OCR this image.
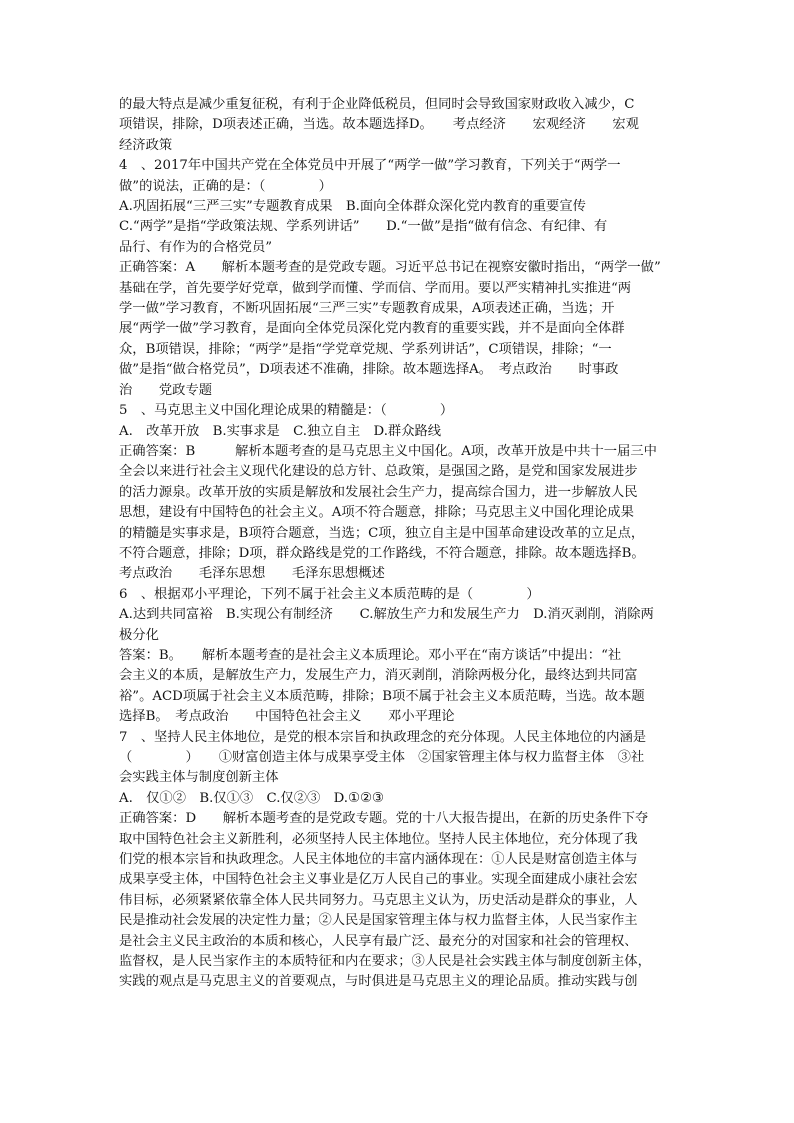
的最大特点是减少重复征税，有利于企业降低税员，但同时会导致国家财政收入减少，C

项错误，排除，D项表述正确，当选。故本题选择D。　　考点经济　　宏观经济　　宏观

经济政策

4　、2017年中国共产党在全体党员中开展了“两学一做”学习教育，下列关于“两学一

做”的说法，正确的是：（　　　　）

A.巩固拓展“三严三实”专题教育成果　B.面向全体群众深化党内教育的重要宣传

C.“两学”是指“学政策法规、学系列讲话”　　D.“一做”是指“做有信念、有纪律、有

品行、有作为的合格党员”

正确答案：A　　解析本题考查的是党政专题。习近平总书记在视察安徽时指出，“两学一做”

基础在学，首先要学好党章，做到学而懂、学而信、学而用。要以严实精神扎实推进“两

学一做”学习教育，不断巩固拓展“三严三实”专题教育成果，A项表述正确，当选；开

展“两学一做”学习教育，是面向全体党员深化党内教育的重要实践，并不是面向全体群

众，B项错误，排除；“两学”是指“学党章党规、学系列讲话”，C项错误，排除；“一

做”是指“做合格党员”，D项表述不准确，排除。故本题选择A。　考点政治　　时事政

治　　党政专题

5　、马克思主义中国化理论成果的精髓是：（　　　　）

A.　改革开放　B.实事求是　C.独立自主　D.群众路线

正确答案：B　　　解析本题考查的是马克思主义中国化。A项，改革开放是中共十一届三中

全会以来进行社会主义现代化建设的总方针、总政策，是强国之路，是党和国家发展进步

的活力源泉。改革开放的实质是解放和发展社会生产力，提高综合国力，进一步解放人民

思想，建设有中国特色的社会主义。A项不符合题意，排除；马克思主义中国化理论成果

的精髓是实事求是，B项符合题意，当选；C项，独立自主是中国革命建设改革的立足点，

不符合题意，排除；D项，群众路线是党的工作路线，不符合题意，排除。故本题选择B。

考点政治　　毛泽东思想　　毛泽东思想概述

6　、根据邓小平理论，下列不属于社会主义本质范畴的是（　　　　）

A.达到共同富裕　B.实现公有制经济　　C.解放生产力和发展生产力　D.消灭剥削，消除两

极分化

答案：B。　　解析本题考查的是社会主义本质理论。邓小平在“南方谈话”中提出：“社

会主义的本质，是解放生产力，发展生产力，消灭剥削，消除两极分化，最终达到共同富

裕”。ACD项属于社会主义本质范畴，排除；B项不属于社会主义本质范畴，当选。故本题

选择B。　考点政治　　中国特色社会主义　　邓小平理论

7　、坚持人民主体地位，是党的根本宗旨和执政理念的充分体现。人民主体地位的内涵是

（　　　　）　　①财富创造主体与成果享受主体　②国家管理主体与权力监督主体　③社

会实践主体与制度创新主体

A.　仅①②　B.仅①③　C.仅②③　D.①②③

正确答案：D　　解析本题考查的是党政专题。党的十八大报告提出，在新的历史条件下夺

取中国特色社会主义新胜利，必须坚持人民主体地位。坚持人民主体地位，充分体现了我

们党的根本宗旨和执政理念。人民主体地位的丰富内涵体现在：①人民是财富创造主体与

成果享受主体，中国特色社会主义事业是亿万人民自己的事业。实现全面建成小康社会宏

伟目标，必须紧紧依靠全体人民共同努力。马克思主义认为，历史活动是群众的事业，人

民是推动社会发展的决定性力量；②人民是国家管理主体与权力监督主体，人民当家作主

是社会主义民主政治的本质和核心，人民享有最广泛、最充分的对国家和社会的管理权、

监督权，是人民当家作主的本质特征和内在要求；③人民是社会实践主体与制度创新主体，

实践的观点是马克思主义的首要观点，与时俱进是马克思主义的理论品质。推动实践与创
